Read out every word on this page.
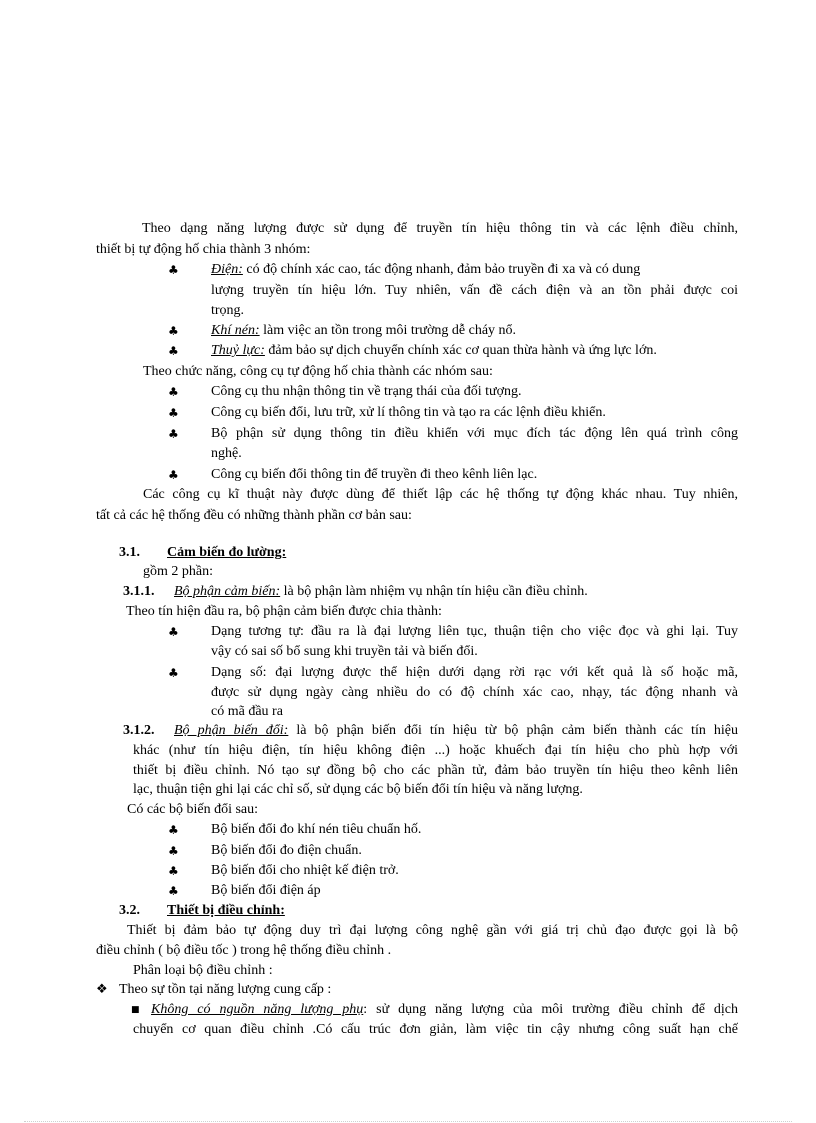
Theo dạng năng lượng được sử dụng để truyền tín hiệu thông tin và các lệnh điều chỉnh,
thiết bị tự động hố chia thành 3 nhóm:
♣ Điện: có độ chính xác cao, tác động nhanh, đảm bảo truyền đi xa và có dung
lượng truyền tín hiệu lớn. Tuy nhiên, vấn đề cách điện và an tồn phải được coi
trọng.
♣ Khí nén: làm việc an tồn trong môi trường dễ cháy nổ.
♣ Thuỷ lực: đảm bảo sự dịch chuyển chính xác cơ quan thừa hành và ứng lực lớn.
Theo chức năng, công cụ tự động hố chia thành các nhóm sau:
♣ Công cụ thu nhận thông tin về trạng thái của đối tượng.
♣ Công cụ biến đổi, lưu trữ, xử lí thông tin và tạo ra các lệnh điều khiển.
♣ Bộ phận sử dụng thông tin điều khiển với mục đích tác động lên quá trình công
nghệ.
♣ Công cụ biến đổi thông tin để truyền đi theo kênh liên lạc.
Các công cụ kĩ thuật này được dùng để thiết lập các hệ thống tự động khác nhau. Tuy nhiên,
tất cả các hệ thống đều có những thành phần cơ bản sau:
3.1. Cảm biến đo lường:
gồm 2 phần:
3.1.1. Bộ phận cảm biến: là bộ phận làm nhiệm vụ nhận tín hiệu cần điều chỉnh.
Theo tín hiện đầu ra, bộ phận cảm biến được chia thành:
♣ Dạng tương tự: đầu ra là đại lượng liên tục, thuận tiện cho việc đọc và ghi lại. Tuy
vậy có sai số bổ sung khi truyền tải và biến đổi.
♣ Dạng số: đại lượng được thể hiện dưới dạng rời rạc với kết quả là số hoặc mã,
được sử dụng ngày càng nhiều do có độ chính xác cao, nhạy, tác động nhanh và
có mã đầu ra
3.1.2. Bộ phận biến đổi: là bộ phận biến đổi tín hiệu từ bộ phận cảm biến thành các tín hiệu
khác (như tín hiệu điện, tín hiệu không điện ...) hoặc khuếch đại tín hiệu cho phù hợp với
thiết bị điều chỉnh. Nó tạo sự đồng bộ cho các phần tử, đảm bảo truyền tín hiệu theo kênh liên
lạc, thuận tiện ghi lại các chỉ số, sử dụng các bộ biến đổi tín hiệu và năng lượng.
Có các bộ biến đổi sau:
♣ Bộ biến đổi đo khí nén tiêu chuẩn hố.
♣ Bộ biến đổi đo điện chuẩn.
♣ Bộ biến đổi cho nhiệt kế điện trở.
♣ Bộ biến đổi điện áp
3.2. Thiết bị điều chỉnh:
Thiết bị đảm bảo tự động duy trì đại lượng công nghệ gần với giá trị chủ đạo được gọi là bộ
điều chỉnh ( bộ điều tốc ) trong hệ thống điều chỉnh .
Phân loại bộ điều chỉnh :
❖ Theo sự tồn tại năng lượng cung cấp :
■ Không có nguồn năng lượng phụ: sử dụng năng lượng của môi trường điều chỉnh để dịch
chuyển cơ quan điều chỉnh .Có cấu trúc đơn giản, làm việc tin cậy nhưng công suất hạn chế
